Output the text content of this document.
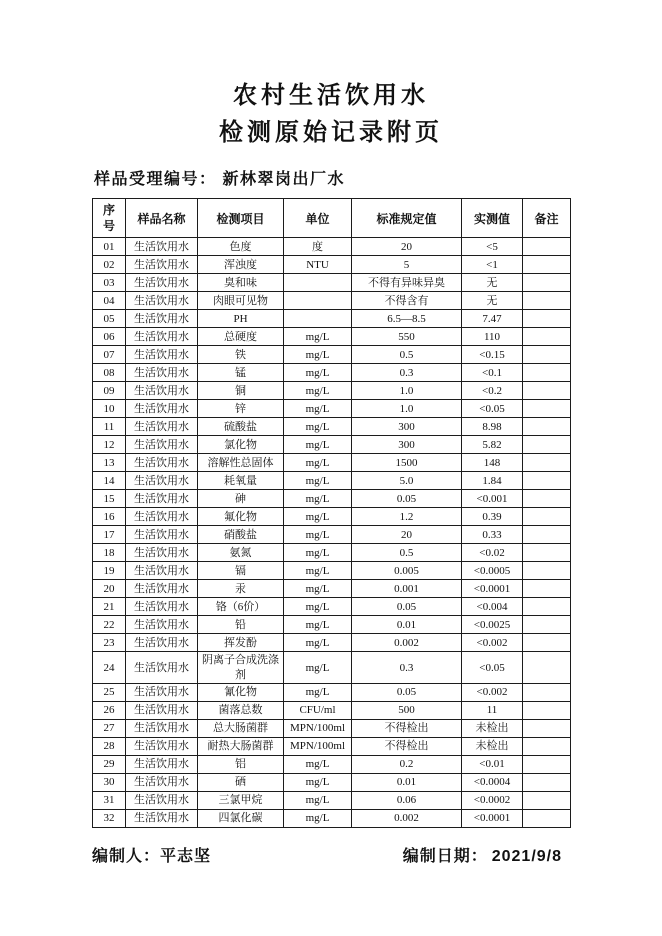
农村生活饮用水
检测原始记录附页
样品受理编号： 新林翠岗出厂水
序号	样品名称	检测项目	单位	标准规定值	实测值	备注
01	生活饮用水	色度	度	20	<5	
02	生活饮用水	浑浊度	NTU	5	<1	
03	生活饮用水	臭和味		不得有异味异臭	无	
04	生活饮用水	肉眼可见物		不得含有	无	
05	生活饮用水	PH		6.5—8.5	7.47	
06	生活饮用水	总硬度	mg/L	550	110	
07	生活饮用水	铁	mg/L	0.5	<0.15	
08	生活饮用水	锰	mg/L	0.3	<0.1	
09	生活饮用水	铜	mg/L	1.0	<0.2	
10	生活饮用水	锌	mg/L	1.0	<0.05	
11	生活饮用水	硫酸盐	mg/L	300	8.98	
12	生活饮用水	氯化物	mg/L	300	5.82	
13	生活饮用水	溶解性总固体	mg/L	1500	148	
14	生活饮用水	耗氧量	mg/L	5.0	1.84	
15	生活饮用水	砷	mg/L	0.05	<0.001	
16	生活饮用水	氟化物	mg/L	1.2	0.39	
17	生活饮用水	硝酸盐	mg/L	20	0.33	
18	生活饮用水	氨氮	mg/L	0.5	<0.02	
19	生活饮用水	镉	mg/L	0.005	<0.0005	
20	生活饮用水	汞	mg/L	0.001	<0.0001	
21	生活饮用水	铬（6价）	mg/L	0.05	<0.004	
22	生活饮用水	铅	mg/L	0.01	<0.0025	
23	生活饮用水	挥发酚	mg/L	0.002	<0.002	
24	生活饮用水	阴离子合成洗涤剂	mg/L	0.3	<0.05	
25	生活饮用水	氰化物	mg/L	0.05	<0.002	
26	生活饮用水	菌落总数	CFU/ml	500	11	
27	生活饮用水	总大肠菌群	MPN/100ml	不得检出	未检出	
28	生活饮用水	耐热大肠菌群	MPN/100ml	不得检出	未检出	
29	生活饮用水	铝	mg/L	0.2	<0.01	
30	生活饮用水	硒	mg/L	0.01	<0.0004	
31	生活饮用水	三氯甲烷	mg/L	0.06	<0.0002	
32	生活饮用水	四氯化碳	mg/L	0.002	<0.0001	
编制人：平志坚	编制日期： 2021/9/8
